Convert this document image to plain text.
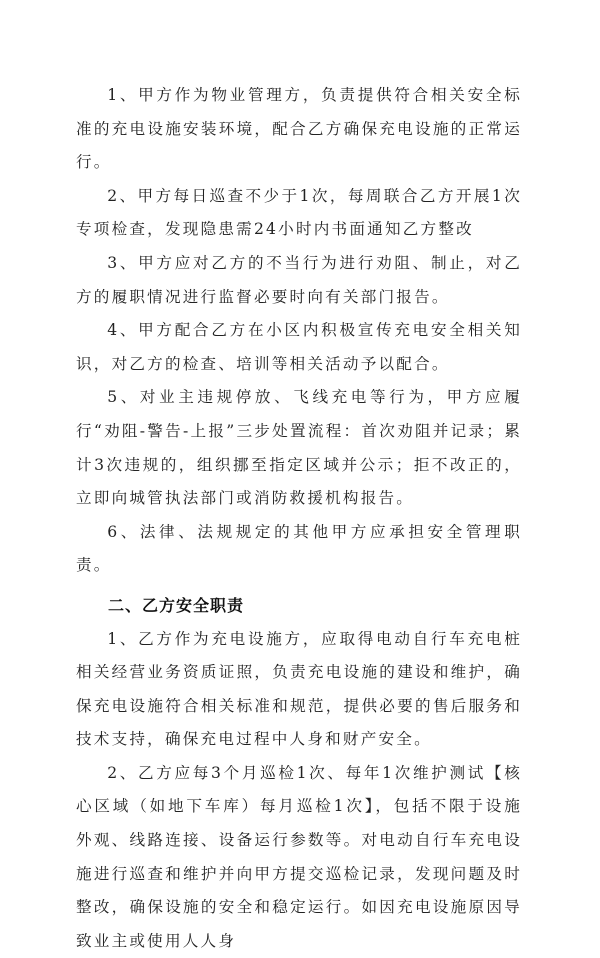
1、甲方作为物业管理方，负责提供符合相关安全标准的充电设施安装环境，配合乙方确保充电设施的正常运行。

2、甲方每日巡查不少于1次，每周联合乙方开展1次专项检查，发现隐患需24小时内书面通知乙方整改

3、甲方应对乙方的不当行为进行劝阻、制止，对乙方的履职情况进行监督必要时向有关部门报告。

4、甲方配合乙方在小区内积极宣传充电安全相关知识，对乙方的检查、培训等相关活动予以配合。

5、对业主违规停放、飞线充电等行为，甲方应履行“劝阻-警告-上报”三步处置流程：首次劝阻并记录；累计3次违规的，组织挪至指定区域并公示；拒不改正的，立即向城管执法部门或消防救援机构报告。

6、法律、法规规定的其他甲方应承担安全管理职责。

二、乙方安全职责

1、乙方作为充电设施方，应取得电动自行车充电桩相关经营业务资质证照，负责充电设施的建设和维护，确保充电设施符合相关标准和规范，提供必要的售后服务和技术支持，确保充电过程中人身和财产安全。

2、乙方应每3个月巡检1次、每年1次维护测试【核心区域（如地下车库）每月巡检1次】，包括不限于设施外观、线路连接、设备运行参数等。对电动自行车充电设施进行巡查和维护并向甲方提交巡检记录，发现问题及时整改，确保设施的安全和稳定运行。如因充电设施原因导致业主或使用人人身
